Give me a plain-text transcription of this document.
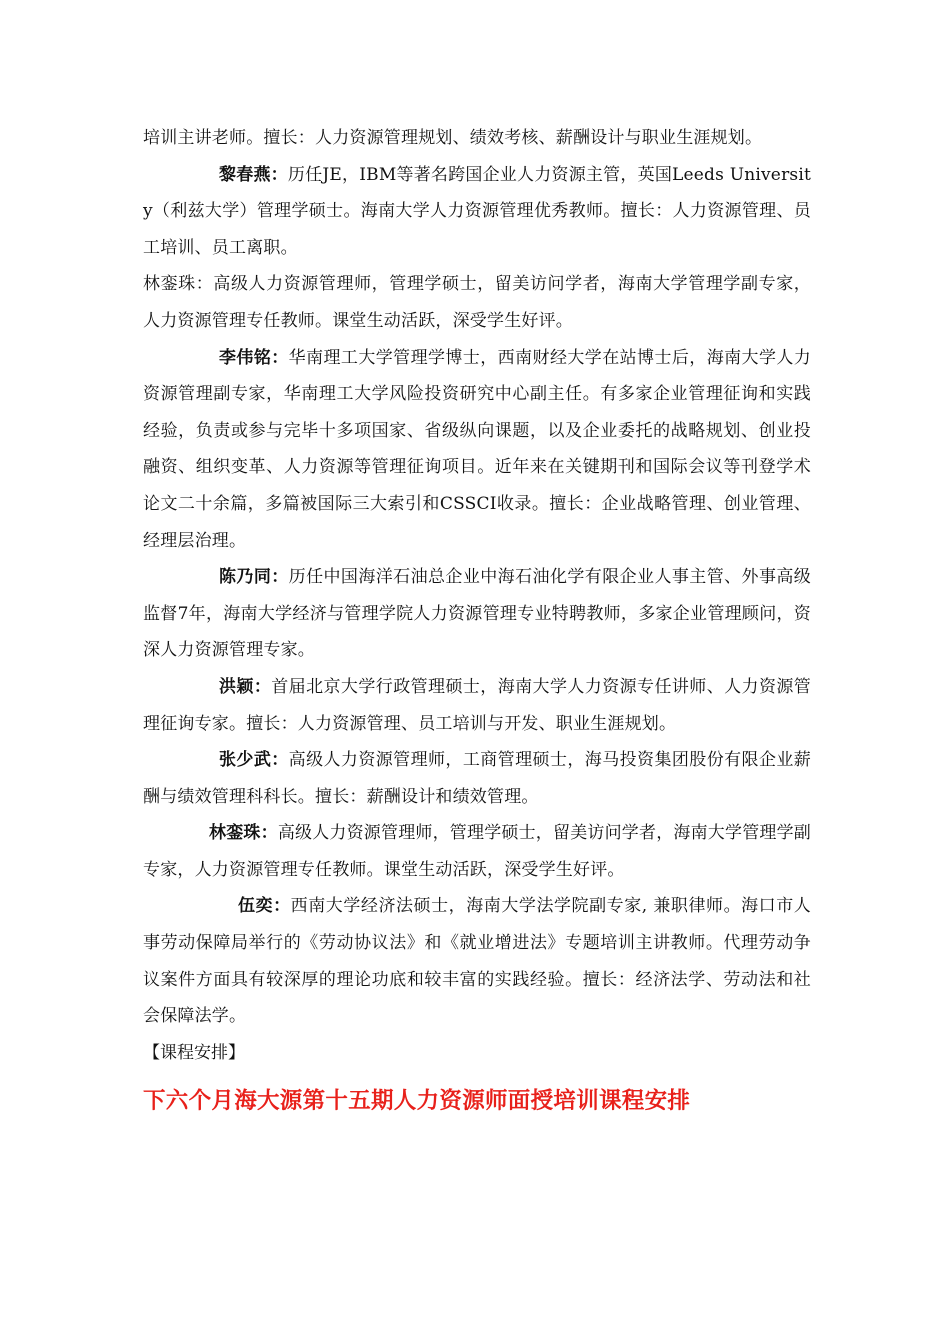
培训主讲老师。擅长：人力资源管理规划、绩效考核、薪酬设计与职业生涯规划。

黎春燕：历任JE，IBM等著名跨国企业人力资源主管，英国Leeds University（利兹大学）管理学硕士。海南大学人力资源管理优秀教师。擅长：人力资源管理、员工培训、员工离职。

林銮珠：高级人力资源管理师，管理学硕士，留美访问学者，海南大学管理学副专家，人力资源管理专任教师。课堂生动活跃，深受学生好评。

李伟铭：华南理工大学管理学博士，西南财经大学在站博士后，海南大学人力资源管理副专家，华南理工大学风险投资研究中心副主任。有多家企业管理征询和实践经验，负责或参与完毕十多项国家、省级纵向课题，以及企业委托的战略规划、创业投融资、组织变革、人力资源等管理征询项目。近年来在关键期刊和国际会议等刊登学术论文二十余篇，多篇被国际三大索引和CSSCI收录。擅长：企业战略管理、创业管理、经理层治理。

陈乃同：历任中国海洋石油总企业中海石油化学有限企业人事主管、外事高级监督7年，海南大学经济与管理学院人力资源管理专业特聘教师，多家企业管理顾问，资深人力资源管理专家。

洪颖：首届北京大学行政管理硕士，海南大学人力资源专任讲师、人力资源管理征询专家。擅长：人力资源管理、员工培训与开发、职业生涯规划。

张少武：高级人力资源管理师，工商管理硕士，海马投资集团股份有限企业薪酬与绩效管理科科长。擅长：薪酬设计和绩效管理。

林銮珠：高级人力资源管理师，管理学硕士，留美访问学者，海南大学管理学副专家，人力资源管理专任教师。课堂生动活跃，深受学生好评。

伍奕：西南大学经济法硕士，海南大学法学院副专家, 兼职律师。海口市人事劳动保障局举行的《劳动协议法》和《就业增进法》专题培训主讲教师。代理劳动争议案件方面具有较深厚的理论功底和较丰富的实践经验。擅长：经济法学、劳动法和社会保障法学。

【课程安排】

下六个月海大源第十五期人力资源师面授培训课程安排
